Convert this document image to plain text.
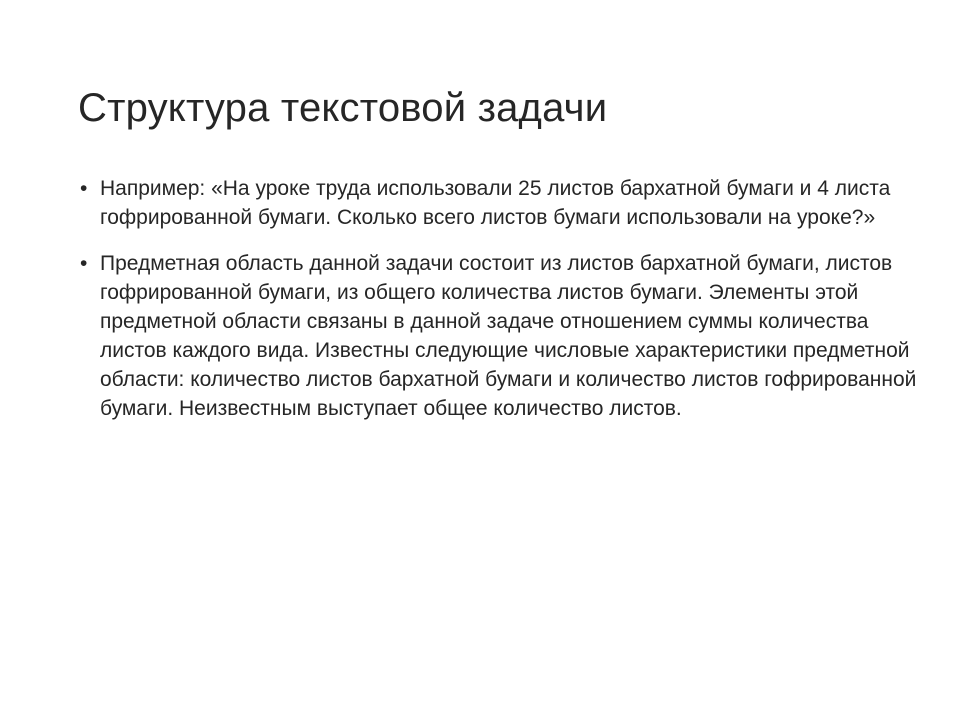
Структура текстовой задачи
• Например: «На уроке труда использовали 25 листов бархатной бумаги и 4 листа гофрированной бумаги. Сколько всего листов бумаги использовали на уроке?»
• Предметная область данной задачи состоит из листов бархатной бумаги, листов гофрированной бумаги, из общего количества листов бумаги. Элементы этой предметной области связаны в данной задаче отношением суммы количества листов каждого вида. Известны следующие числовые характеристики предметной области: количество листов бархатной бумаги и количество листов гофрированной бумаги. Неизвестным выступает общее количество листов.
